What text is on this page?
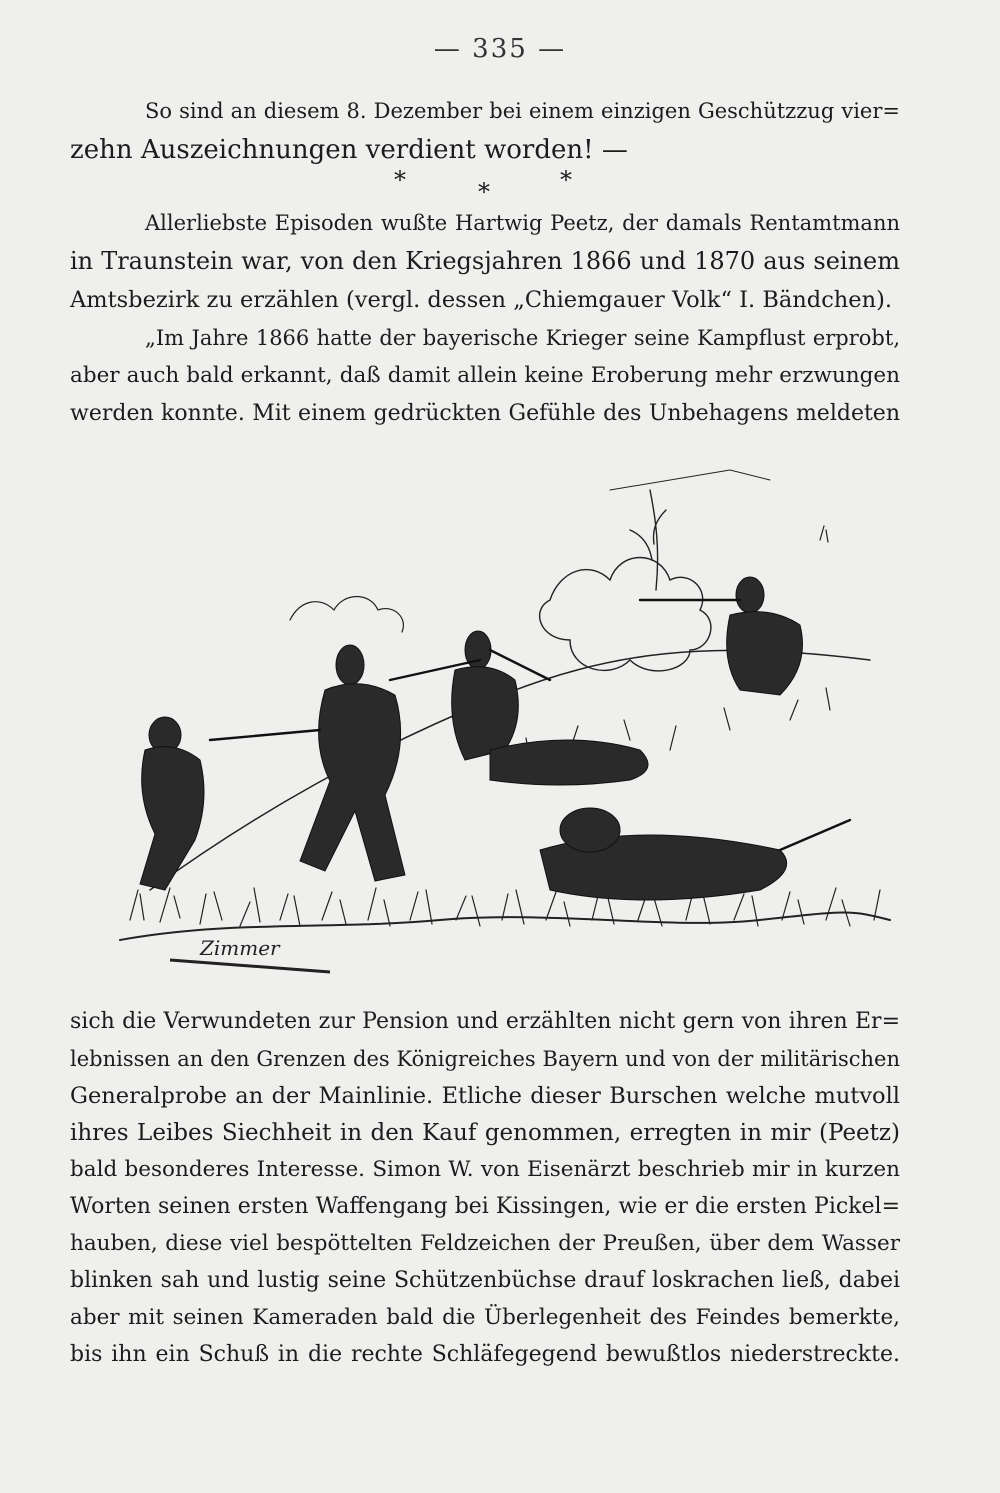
— 335 —
So sind an diesem 8. Dezember bei einem einzigen Geschützzug vier=
zehn Auszeichnungen verdient worden! —
*	*	*
Allerliebste Episoden wußte Hartwig Peetz, der damals Rentamtmann
in Traunstein war, von den Kriegsjahren 1866 und 1870 aus seinem
Amtsbezirk zu erzählen (vergl. dessen „Chiemgauer Volk“ I. Bändchen).
„Im Jahre 1866 hatte der bayerische Krieger seine Kampflust erprobt,
aber auch bald erkannt, daß damit allein keine Eroberung mehr erzwungen
werden konnte. Mit einem gedrückten Gefühle des Unbehagens meldeten
Zimmer
sich die Verwundeten zur Pension und erzählten nicht gern von ihren Er=
lebnissen an den Grenzen des Königreiches Bayern und von der militärischen
Generalprobe an der Mainlinie. Etliche dieser Burschen welche mutvoll
ihres Leibes Siechheit in den Kauf genommen, erregten in mir (Peetz)
bald besonderes Interesse. Simon W. von Eisenärzt beschrieb mir in kurzen
Worten seinen ersten Waffengang bei Kissingen, wie er die ersten Pickel=
hauben, diese viel bespöttelten Feldzeichen der Preußen, über dem Wasser
blinken sah und lustig seine Schützenbüchse drauf loskrachen ließ, dabei
aber mit seinen Kameraden bald die Überlegenheit des Feindes bemerkte,
bis ihn ein Schuß in die rechte Schläfegegend bewußtlos niederstreckte.
